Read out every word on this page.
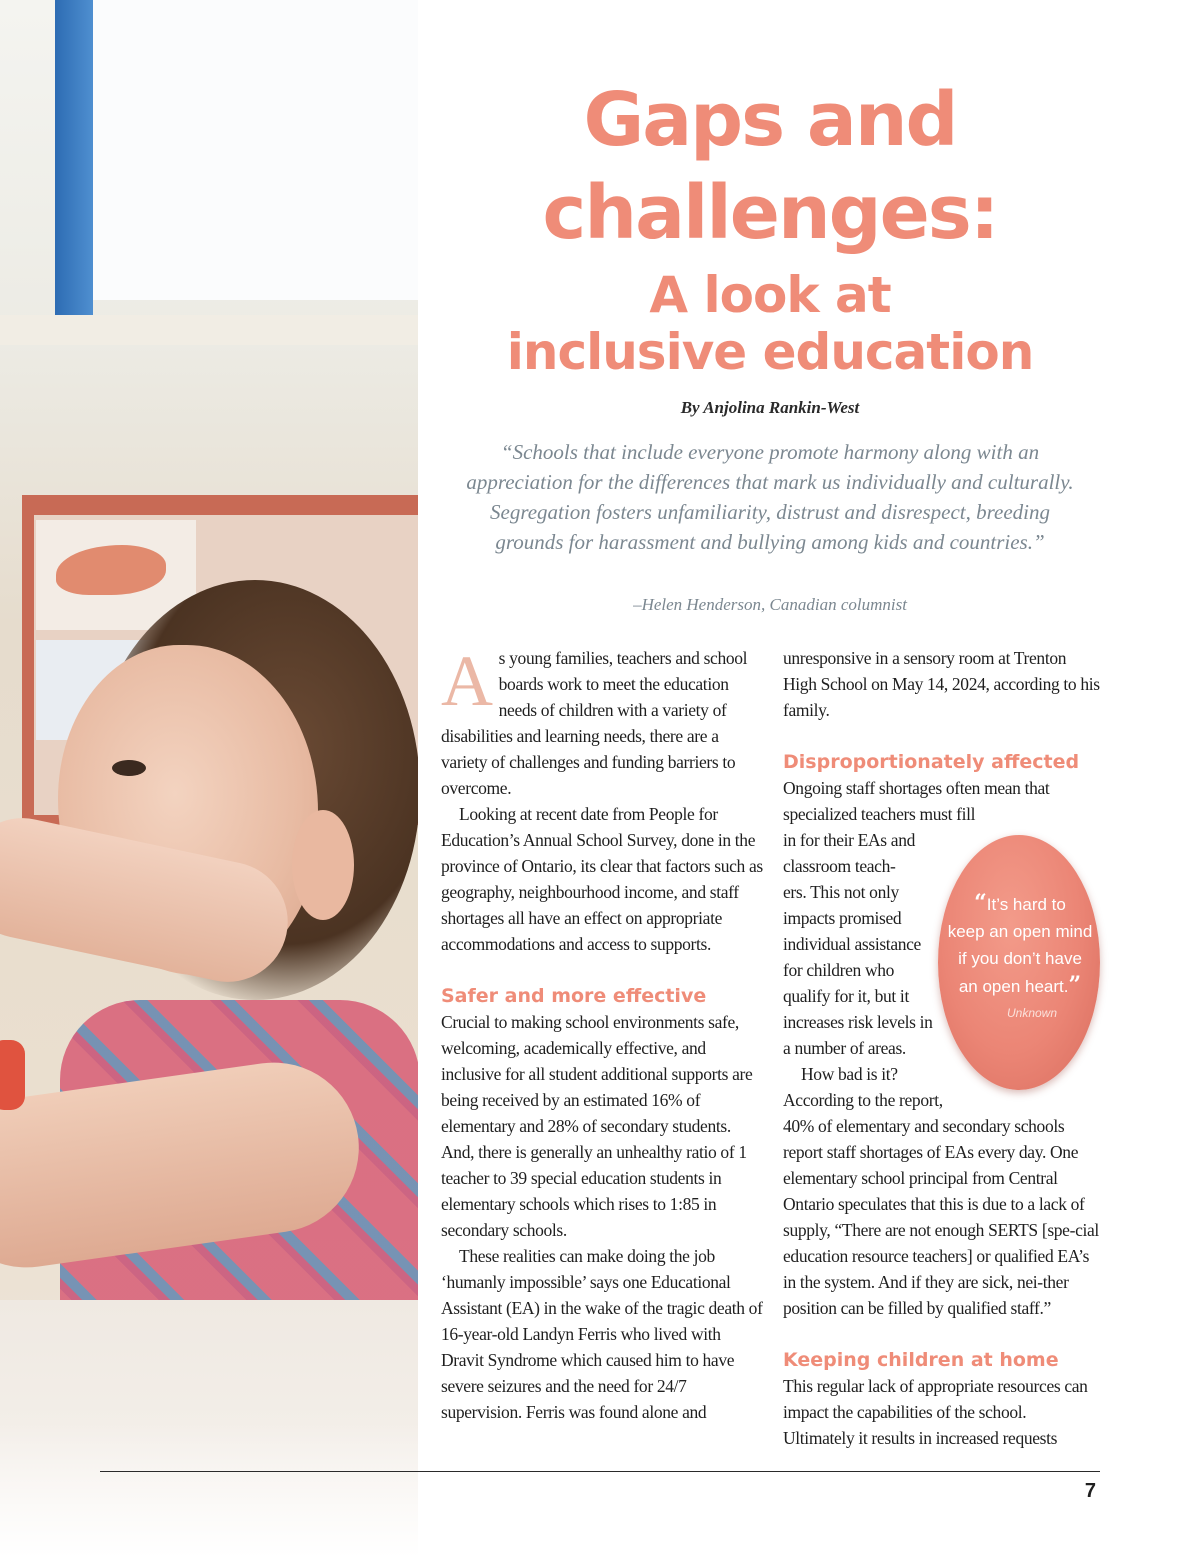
Gaps and
challenges:
A look at
inclusive education
By Anjolina Rankin-West
“Schools that include everyone promote harmony along with an appreciation for the differences that mark us individually and culturally. Segregation fosters unfamiliarity, distrust and disrespect, breeding grounds for harassment and bullying among kids and countries.”
–Helen Henderson, Canadian columnist

As young families, teachers and school boards work to meet the education needs of children with a variety of disabilities and learning needs, there are a variety of challenges and funding barriers to overcome.

Looking at recent date from People for Education’s Annual School Survey, done in the province of Ontario, its clear that factors such as geography, neighbourhood income, and staff shortages all have an effect on appropriate accommodations and access to supports.

Safer and more effective

Crucial to making school environments safe, welcoming, academically effective, and inclusive for all student additional supports are being received by an estimated 16% of elementary and 28% of secondary students. And, there is generally an unhealthy ratio of 1 teacher to 39 special education students in elementary schools which rises to 1:85 in secondary schools.

These realities can make doing the job ‘humanly impossible’ says one Educational Assistant (EA) in the wake of the tragic death of 16-year-old Landyn Ferris who lived with Dravit Syndrome which caused him to have severe seizures and the need for 24/7 supervision. Ferris was found alone and

unresponsive in a sensory room at Trenton High School on May 14, 2024, according to his family.

Disproportionately affected

Ongoing staff shortages often mean that

specialized teachers must fill

in for their EAs and

classroom teach-

ers. This not only

impacts promised

individual assistance

for children who

qualify for it, but it

increases risk levels in

a number of areas.

How bad is it?

According to the report,

40% of elementary and secondary schools report staff shortages of EAs every day. One elementary school principal from Central Ontario speculates that this is due to a lack of supply, “There are not enough SERTS [spe-cial education resource teachers] or qualified EA’s in the system. And if they are sick, nei-ther position can be filled by qualified staff.”

Keeping children at home

This regular lack of appropriate resources can impact the capabilities of the school. Ultimately it results in increased requests

“It’s hard to
keep an open mind
if you don’t have
an open heart.”
Unknown
7
